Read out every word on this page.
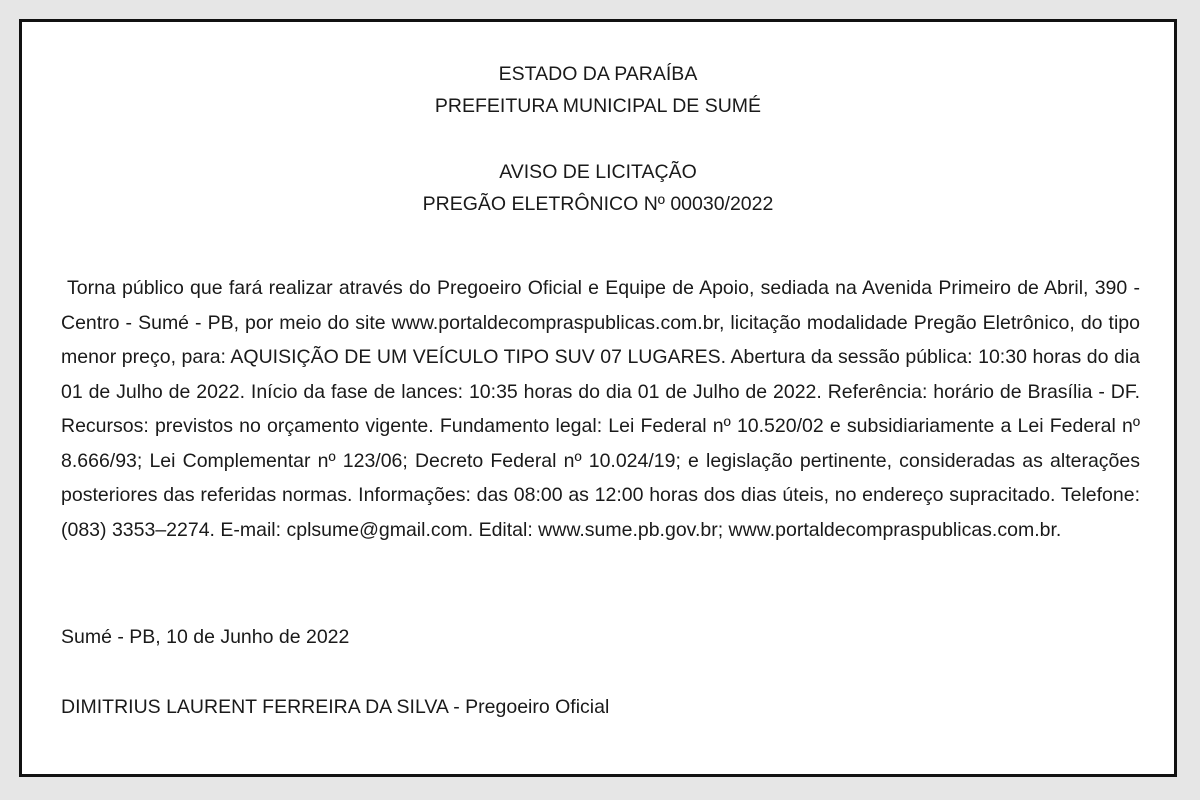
ESTADO DA PARAÍBA
PREFEITURA MUNICIPAL DE SUMÉ
AVISO DE LICITAÇÃO
PREGÃO ELETRÔNICO Nº 00030/2022
Torna público que fará realizar através do Pregoeiro Oficial e Equipe de Apoio, sediada na Avenida Primeiro de Abril, 390 - Centro - Sumé - PB, por meio do site www.portaldecompraspublicas.com.br, licitação modalidade Pregão Eletrônico, do tipo menor preço, para: AQUISIÇÃO DE UM VEÍCULO TIPO SUV 07 LUGARES. Abertura da sessão pública: 10:30 horas do dia 01 de Julho de 2022. Início da fase de lances: 10:35 horas do dia 01 de Julho de 2022. Referência: horário de Brasília - DF. Recursos: previstos no orçamento vigente. Fundamento legal: Lei Federal nº 10.520/02 e subsidiariamente a Lei Federal nº 8.666/93; Lei Complementar nº 123/06; Decreto Federal nº 10.024/19; e legislação pertinente, consideradas as alterações posteriores das referidas normas. Informações: das 08:00 as 12:00 horas dos dias úteis, no endereço supracitado. Telefone: (083) 3353–2274. E-mail: cplsume@gmail.com. Edital: www.sume.pb.gov.br; www.portaldecompraspublicas.com.br.
Sumé - PB, 10 de Junho de 2022
DIMITRIUS LAURENT FERREIRA DA SILVA - Pregoeiro Oficial
